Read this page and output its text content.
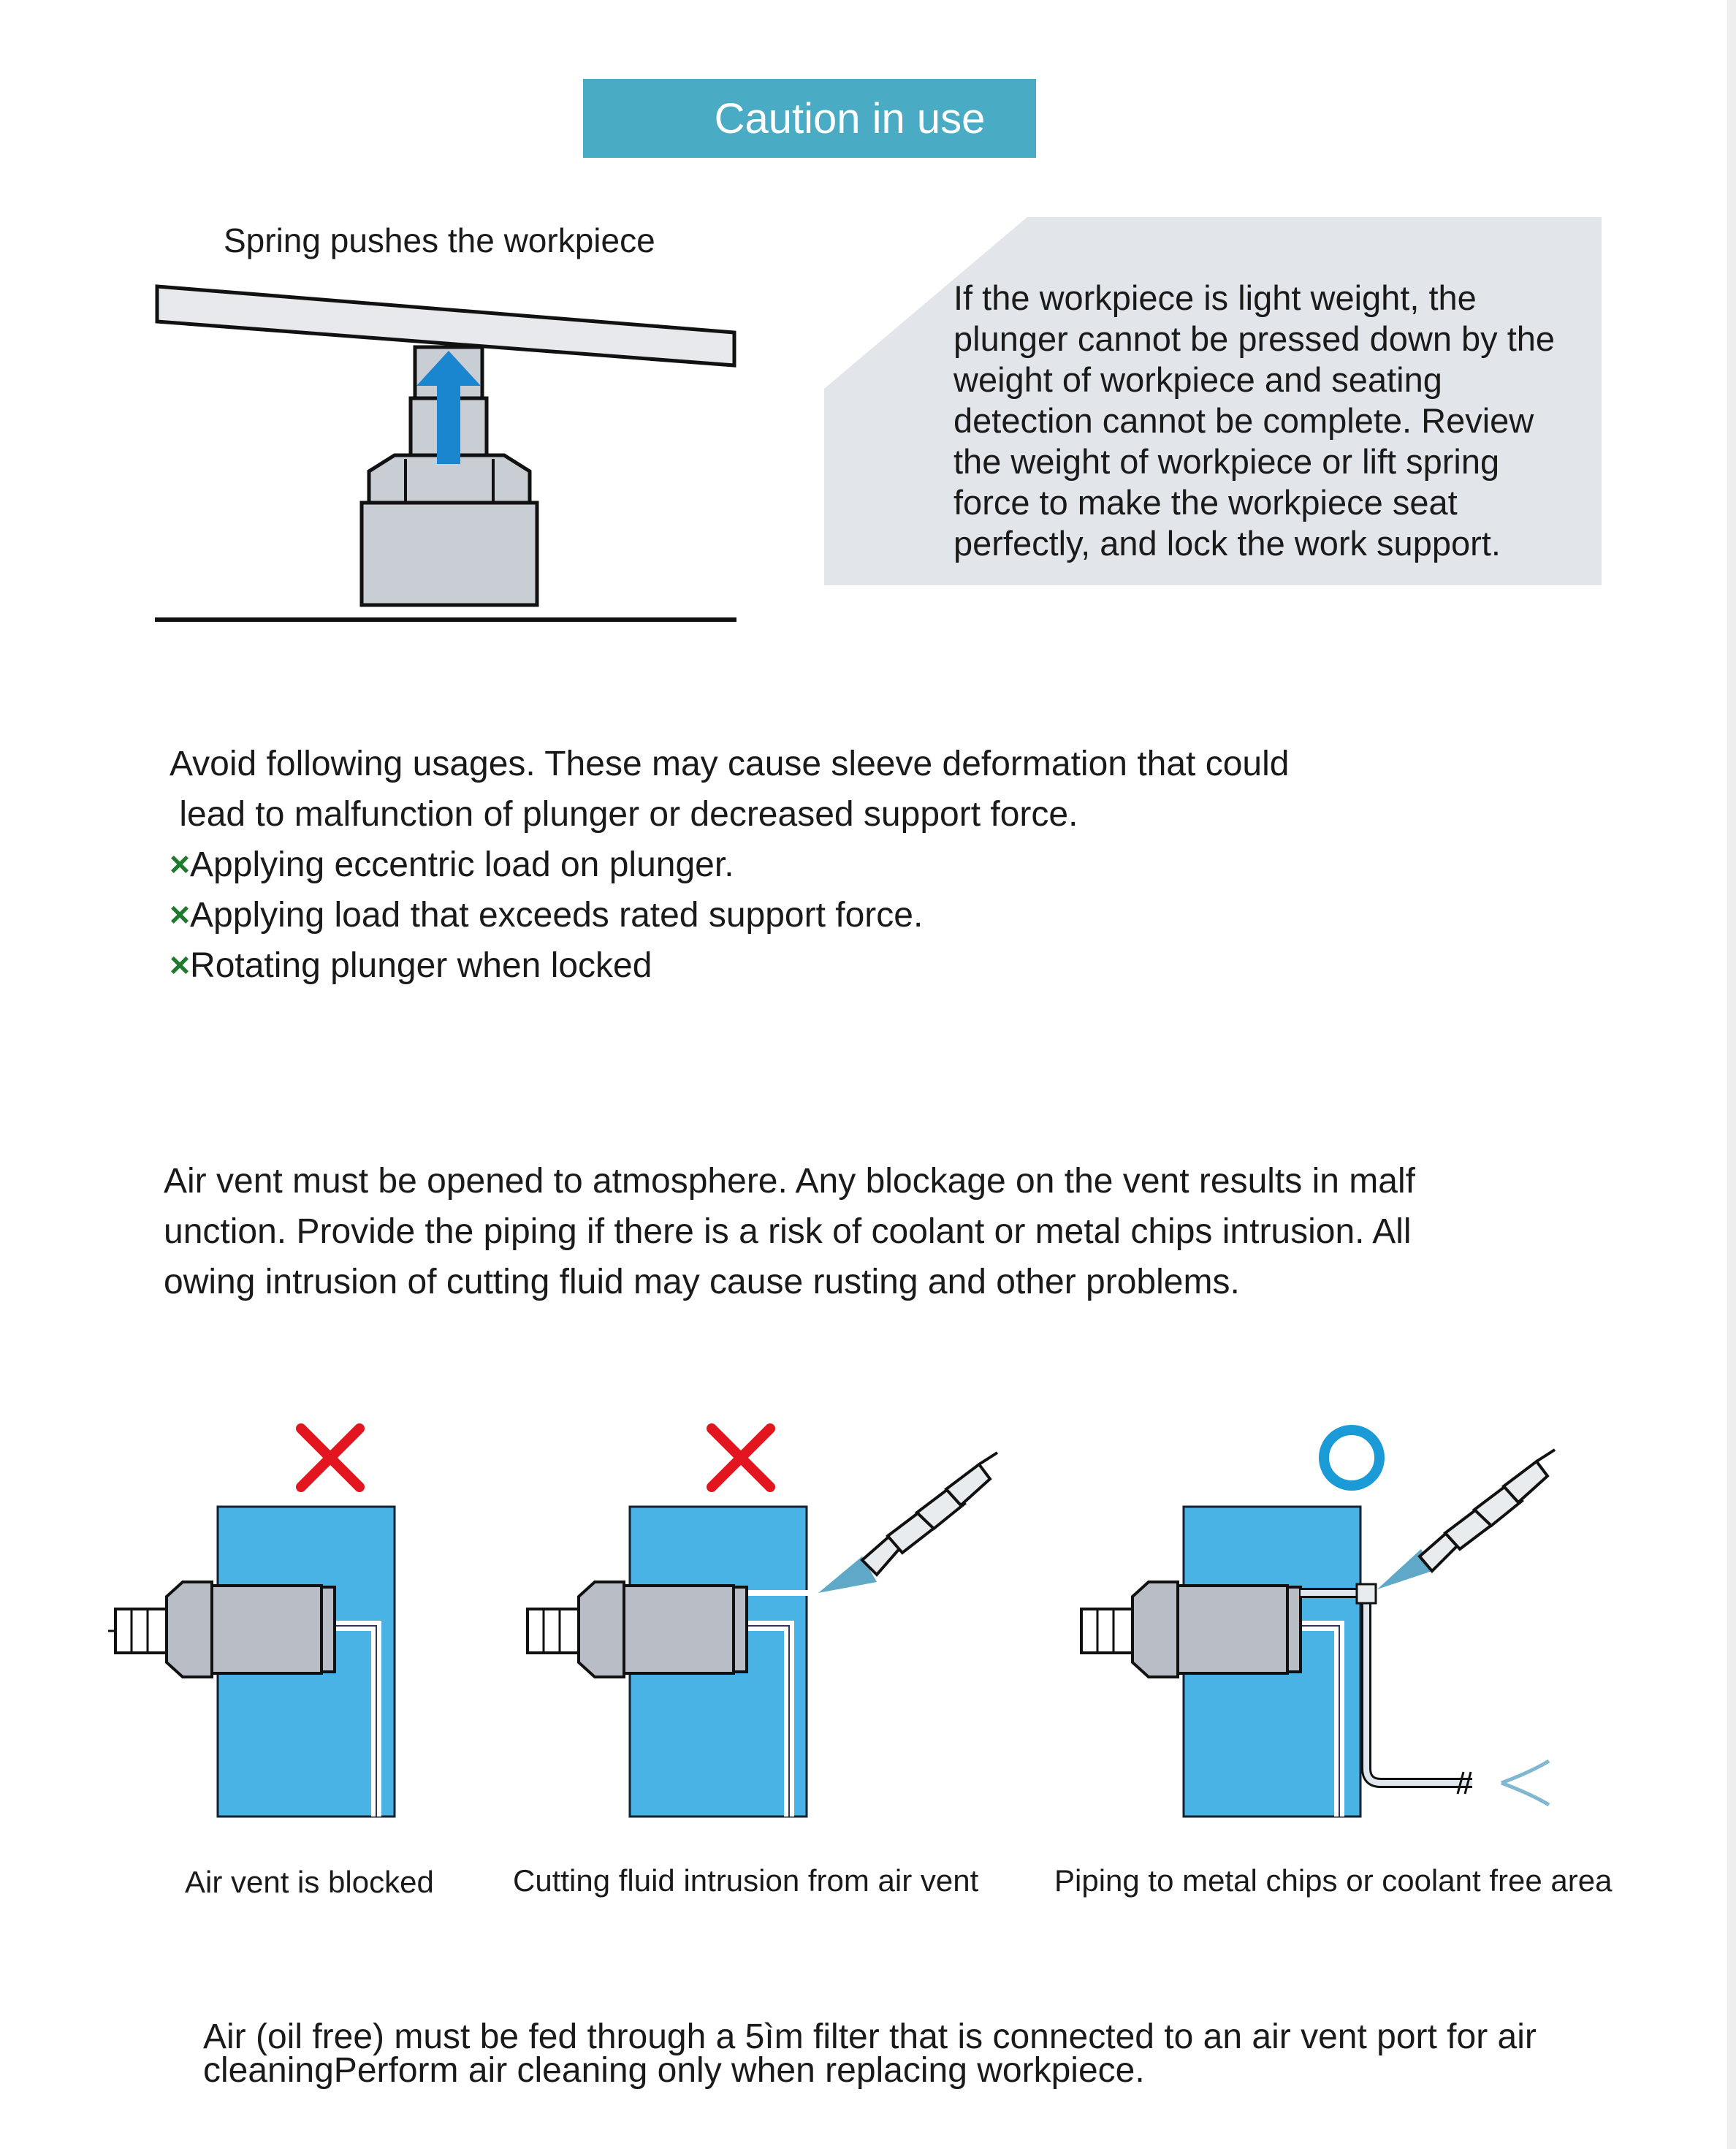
Caution in use
Spring pushes the workpiece
If the workpiece is light weight, the
plunger cannot be pressed down by the
weight of workpiece and seating
detection cannot be complete. Review
the weight of workpiece or lift spring
force to make the workpiece seat
perfectly, and lock the work support.
Avoid following usages. These may cause sleeve deformation that could
lead to malfunction of plunger or decreased support force.
×Applying eccentric load on plunger.
×Applying load that exceeds rated support force.
×Rotating plunger when locked
Air vent must be opened to atmosphere. Any blockage on the vent results in malf
unction. Provide the piping if there is a risk of coolant or metal chips intrusion. All
owing intrusion of cutting fluid may cause rusting and other problems.
Air vent is blocked	Cutting fluid intrusion from air vent Piping to metal chips or coolant free area
Air (oil free) must be fed through a 5ìm filter that is connected to an air vent port for air
cleaningPerform air cleaning only when replacing workpiece.
